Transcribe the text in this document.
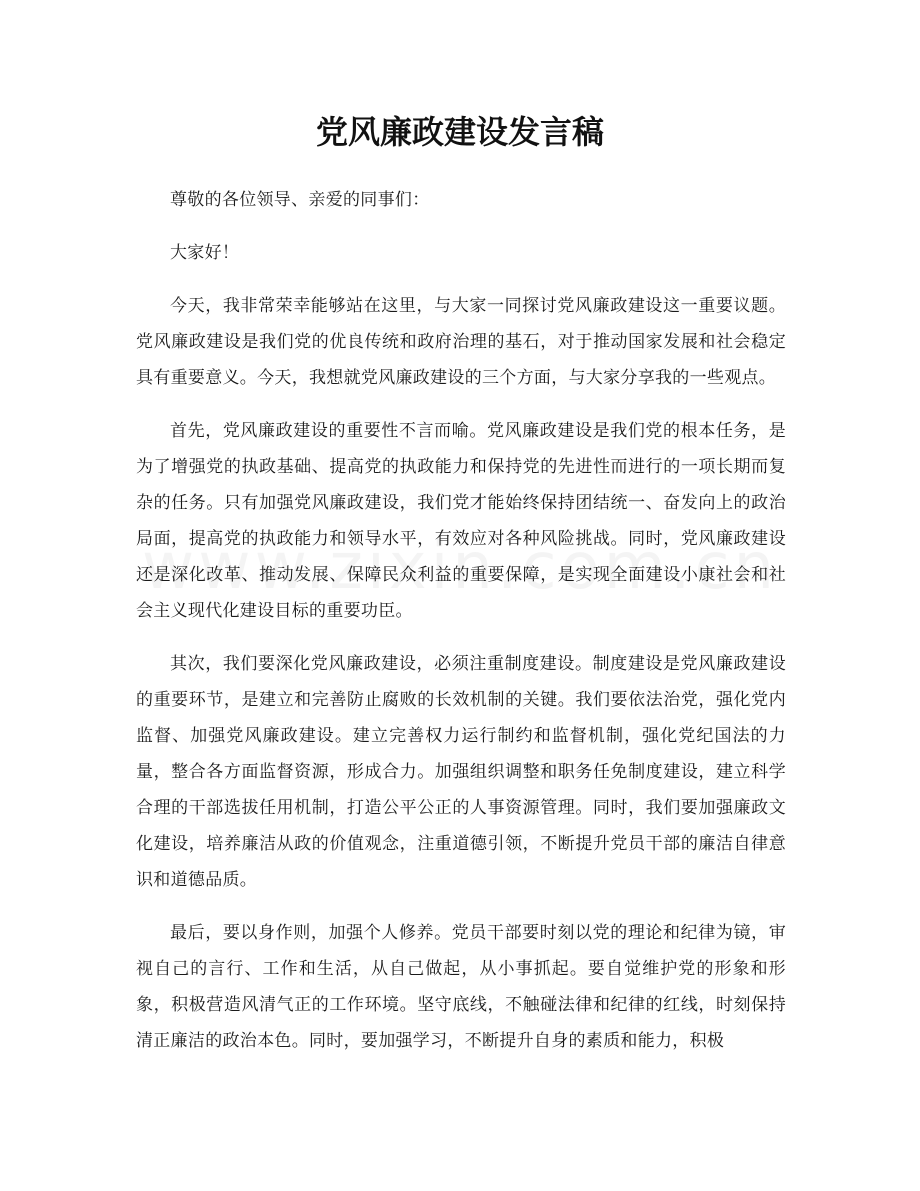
党风廉政建设发言稿

尊敬的各位领导、亲爱的同事们：

大家好！

今天，我非常荣幸能够站在这里，与大家一同探讨党风廉政建设这一重要议题。党风廉政建设是我们党的优良传统和政府治理的基石，对于推动国家发展和社会稳定具有重要意义。今天，我想就党风廉政建设的三个方面，与大家分享我的一些观点。

首先，党风廉政建设的重要性不言而喻。党风廉政建设是我们党的根本任务，是为了增强党的执政基础、提高党的执政能力和保持党的先进性而进行的一项长期而复杂的任务。只有加强党风廉政建设，我们党才能始终保持团结统一、奋发向上的政治局面，提高党的执政能力和领导水平，有效应对各种风险挑战。同时，党风廉政建设还是深化改革、推动发展、保障民众利益的重要保障，是实现全面建设小康社会和社会主义现代化建设目标的重要功臣。

其次，我们要深化党风廉政建设，必须注重制度建设。制度建设是党风廉政建设的重要环节，是建立和完善防止腐败的长效机制的关键。我们要依法治党，强化党内监督、加强党风廉政建设。建立完善权力运行制约和监督机制，强化党纪国法的力量，整合各方面监督资源，形成合力。加强组织调整和职务任免制度建设，建立科学合理的干部选拔任用机制，打造公平公正的人事资源管理。同时，我们要加强廉政文化建设，培养廉洁从政的价值观念，注重道德引领，不断提升党员干部的廉洁自律意识和道德品质。

最后，要以身作则，加强个人修养。党员干部要时刻以党的理论和纪律为镜，审视自己的言行、工作和生活，从自己做起，从小事抓起。要自觉维护党的形象和形象，积极营造风清气正的工作环境。坚守底线，不触碰法律和纪律的红线，时刻保持清正廉洁的政治本色。同时，要加强学习，不断提升自身的素质和能力，积极
